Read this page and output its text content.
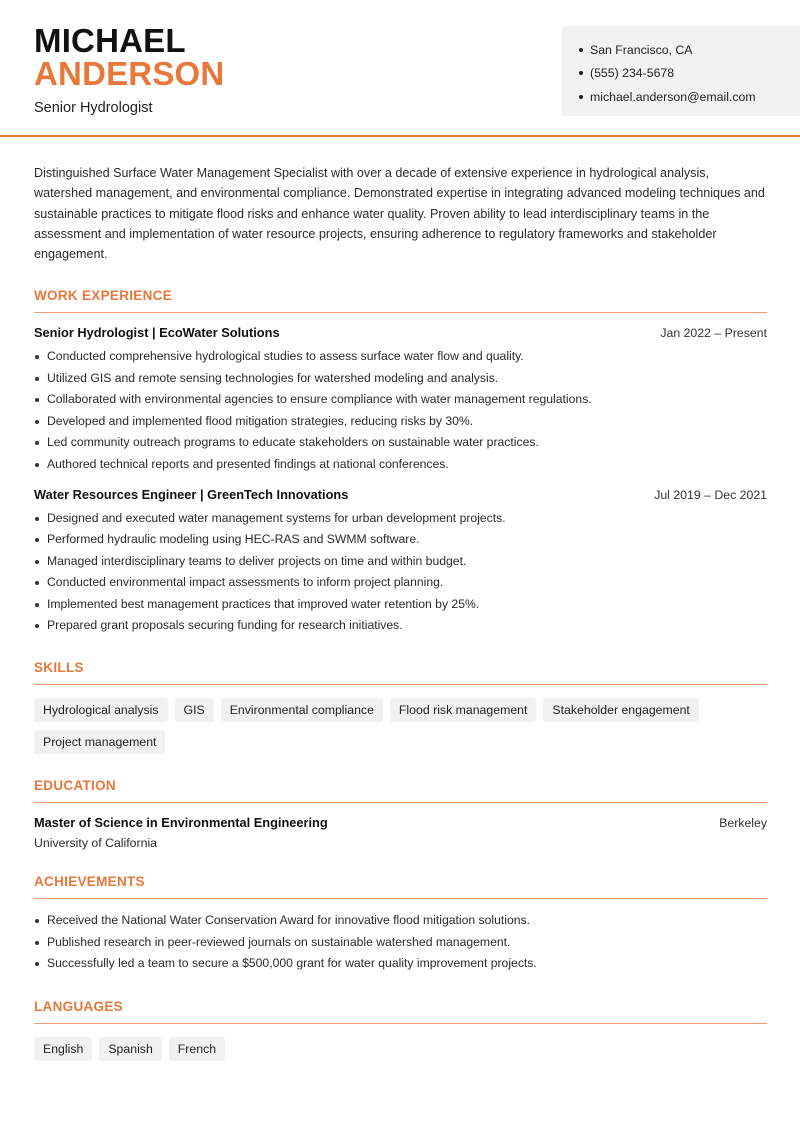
MICHAEL
ANDERSON
Senior Hydrologist
San Francisco, CA
(555) 234-5678
michael.anderson@email.com

Distinguished Surface Water Management Specialist with over a decade of extensive experience in hydrological analysis, watershed management, and environmental compliance. Demonstrated expertise in integrating advanced modeling techniques and sustainable practices to mitigate flood risks and enhance water quality. Proven ability to lead interdisciplinary teams in the assessment and implementation of water resource projects, ensuring adherence to regulatory frameworks and stakeholder engagement.

WORK EXPERIENCE
Senior Hydrologist | EcoWater Solutions	Jan 2022 – Present
Conducted comprehensive hydrological studies to assess surface water flow and quality.
Utilized GIS and remote sensing technologies for watershed modeling and analysis.
Collaborated with environmental agencies to ensure compliance with water management regulations.
Developed and implemented flood mitigation strategies, reducing risks by 30%.
Led community outreach programs to educate stakeholders on sustainable water practices.
Authored technical reports and presented findings at national conferences.
Water Resources Engineer | GreenTech Innovations	Jul 2019 – Dec 2021
Designed and executed water management systems for urban development projects.
Performed hydraulic modeling using HEC-RAS and SWMM software.
Managed interdisciplinary teams to deliver projects on time and within budget.
Conducted environmental impact assessments to inform project planning.
Implemented best management practices that improved water retention by 25%.
Prepared grant proposals securing funding for research initiatives.
SKILLS
Hydrological analysis	GIS	Environmental compliance	Flood risk management	Stakeholder engagement
Project management
EDUCATION
Master of Science in Environmental Engineering	Berkeley
University of California
ACHIEVEMENTS
Received the National Water Conservation Award for innovative flood mitigation solutions.
Published research in peer-reviewed journals on sustainable watershed management.
Successfully led a team to secure a $500,000 grant for water quality improvement projects.
LANGUAGES
English	Spanish	French
